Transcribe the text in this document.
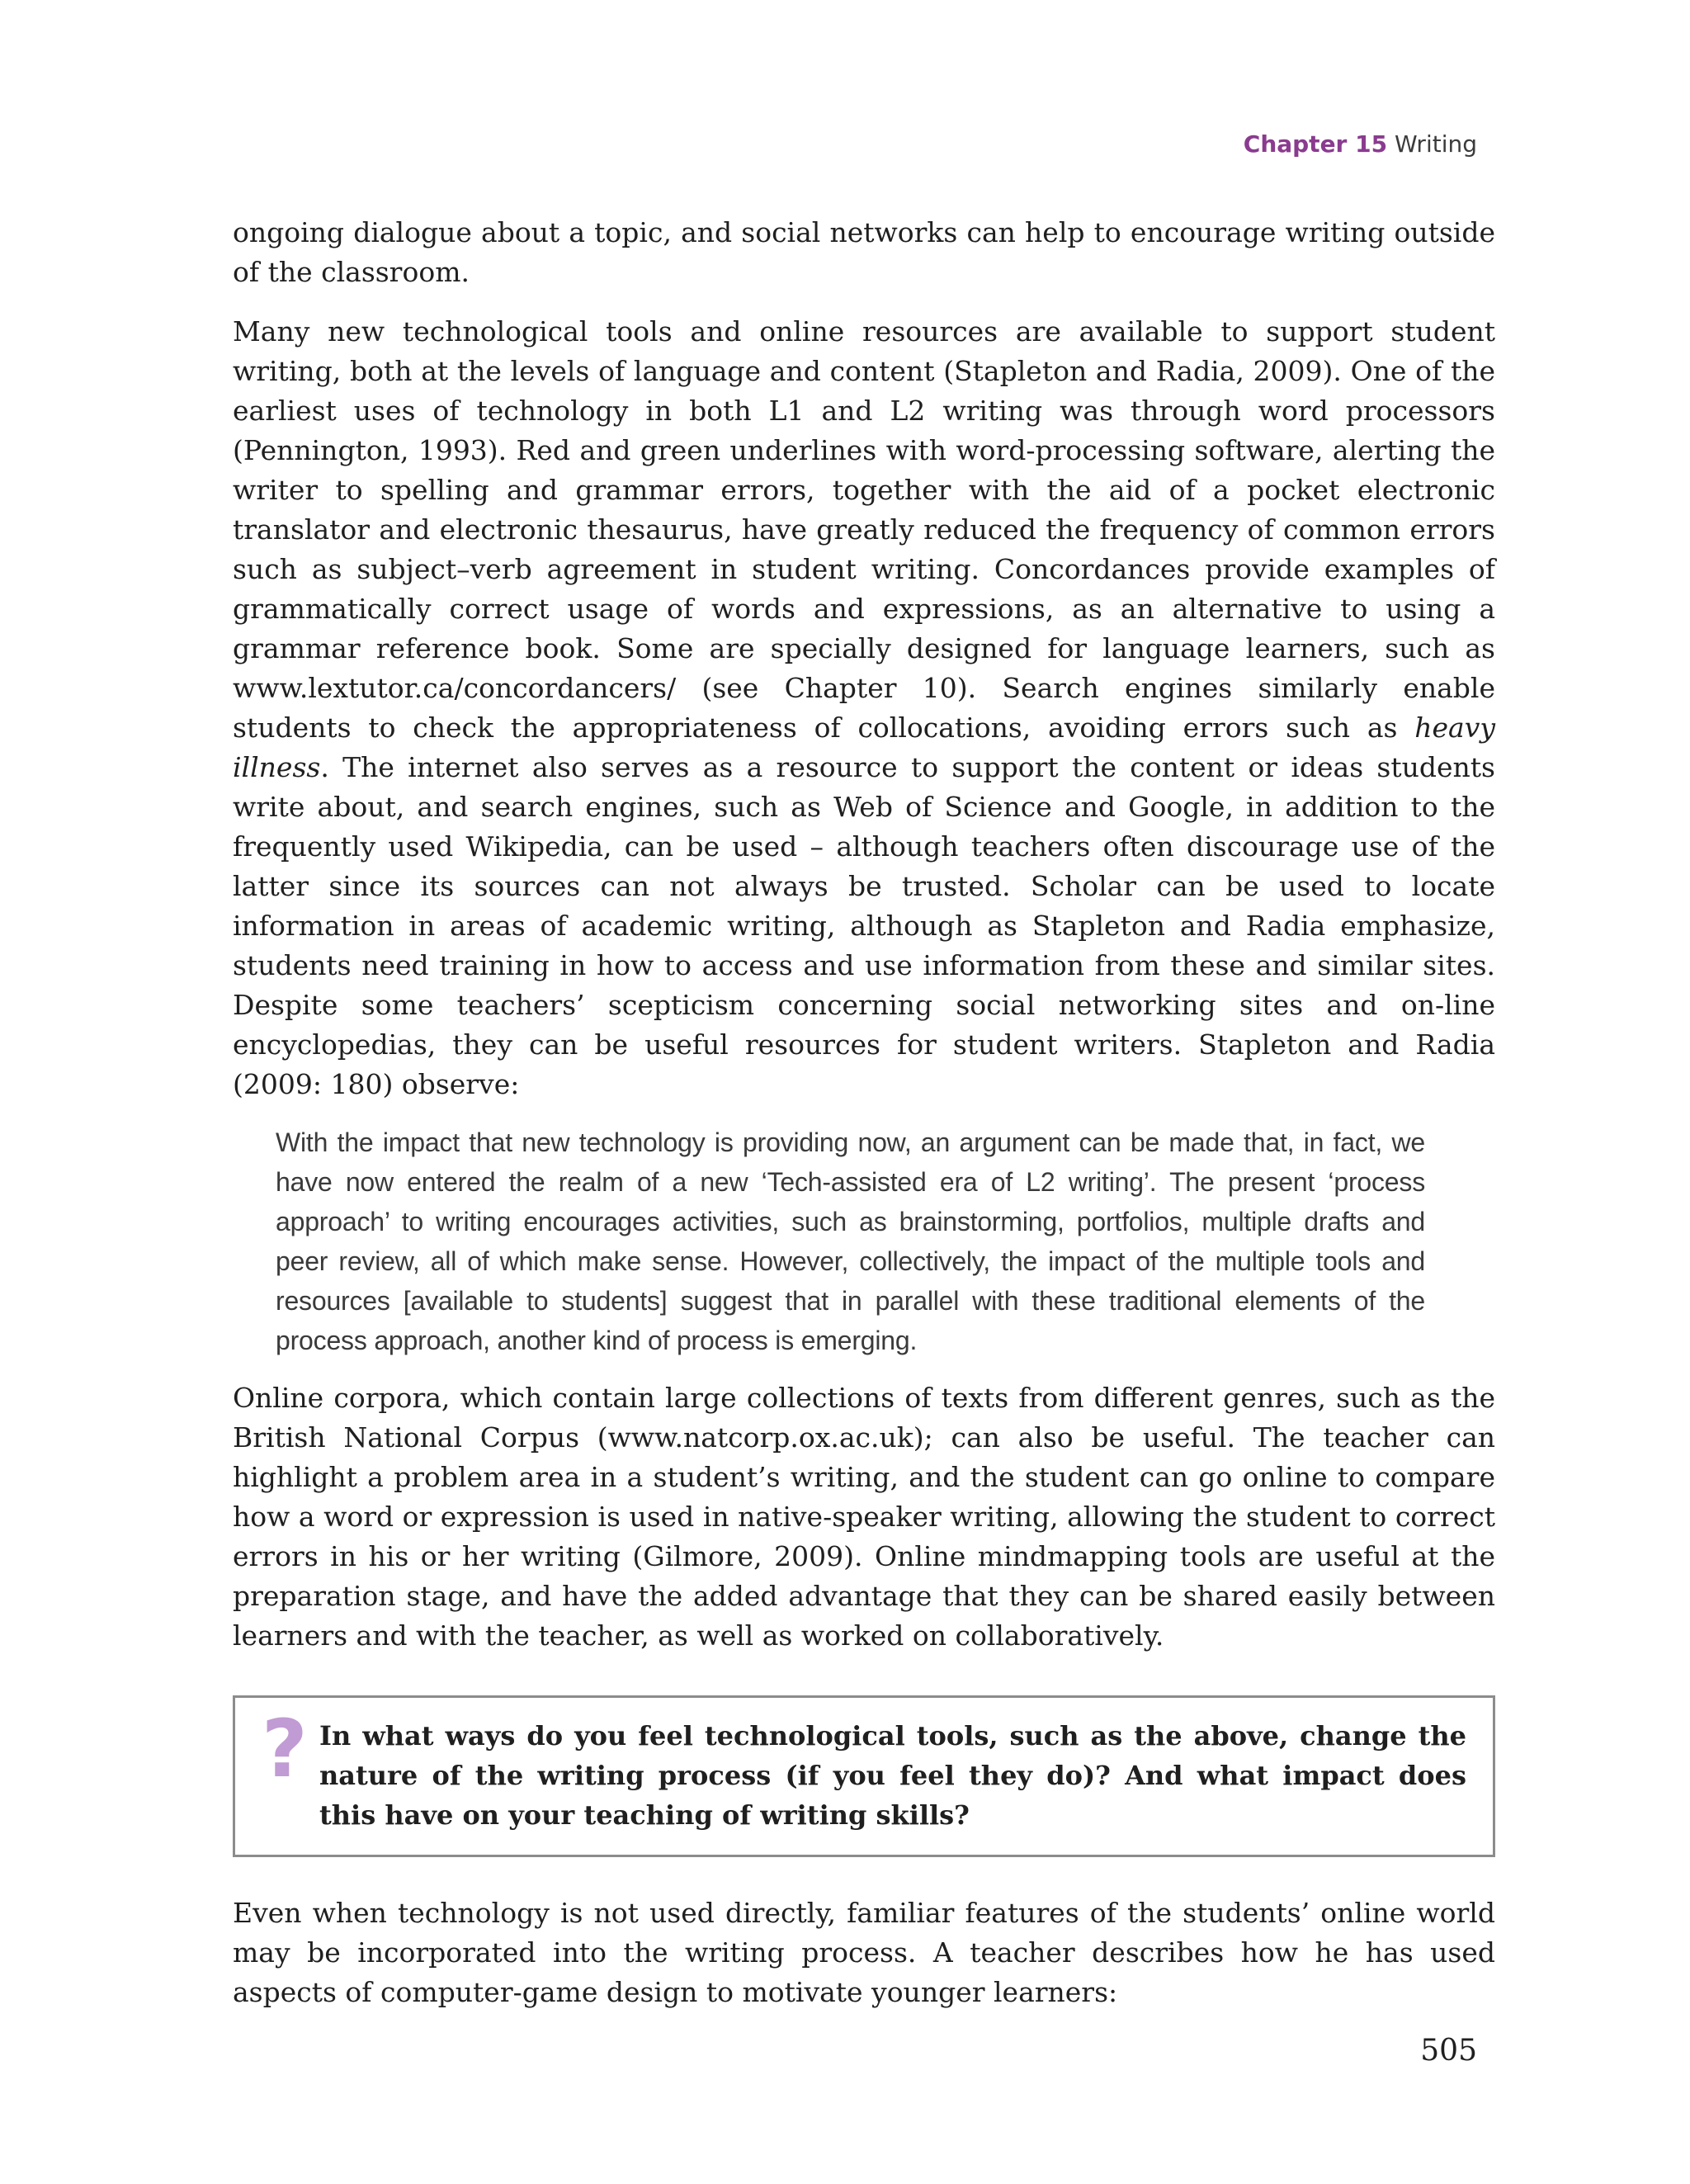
Chapter 15 Writing

ongoing dialogue about a topic, and social networks can help to encourage writing outside of the classroom.

Many new technological tools and online resources are available to support student writing, both at the levels of language and content (Stapleton and Radia, 2009). One of the earliest uses of technology in both L1 and L2 writing was through word processors (Pennington, 1993). Red and green underlines with word-processing software, alerting the writer to spelling and grammar errors, together with the aid of a pocket electronic translator and electronic thesaurus, have greatly reduced the frequency of common errors such as subject–verb agreement in student writing. Concordances provide examples of grammatically correct usage of words and expressions, as an alternative to using a grammar reference book. Some are specially designed for language learners, such as www.lextutor.ca/concordancers/ (see Chapter 10). Search engines similarly enable students to check the appropriateness of collocations, avoiding errors such as heavy illness. The internet also serves as a resource to support the content or ideas students write about, and search engines, such as Web of Science and Google, in addition to the frequently used Wikipedia, can be used – although teachers often discourage use of the latter since its sources can not always be trusted. Scholar can be used to locate information in areas of academic writing, although as Stapleton and Radia emphasize, students need training in how to access and use information from these and similar sites. Despite some teachers’ scepticism concerning social networking sites and on-line encyclopedias, they can be useful resources for student writers. Stapleton and Radia (2009: 180) observe:

With the impact that new technology is providing now, an argument can be made that, in fact, we have now entered the realm of a new ‘Tech-assisted era of L2 writing’. The present ‘process approach’ to writing encourages activities, such as brainstorming, portfolios, multiple drafts and peer review, all of which make sense. However, collectively, the impact of the multiple tools and resources [available to students] suggest that in parallel with these traditional elements of the process approach, another kind of process is emerging.

Online corpora, which contain large collections of texts from different genres, such as the British National Corpus (www.natcorp.ox.ac.uk); can also be useful. The teacher can highlight a problem area in a student’s writing, and the student can go online to compare how a word or expression is used in native-speaker writing, allowing the student to correct errors in his or her writing (Gilmore, 2009). Online mindmapping tools are useful at the preparation stage, and have the added advantage that they can be shared easily between learners and with the teacher, as well as worked on collaboratively.

? In what ways do you feel technological tools, such as the above, change the nature of the writing process (if you feel they do)? And what impact does this have on your teaching of writing skills?

Even when technology is not used directly, familiar features of the students’ online world may be incorporated into the writing process. A teacher describes how he has used aspects of computer-game design to motivate younger learners:

505
